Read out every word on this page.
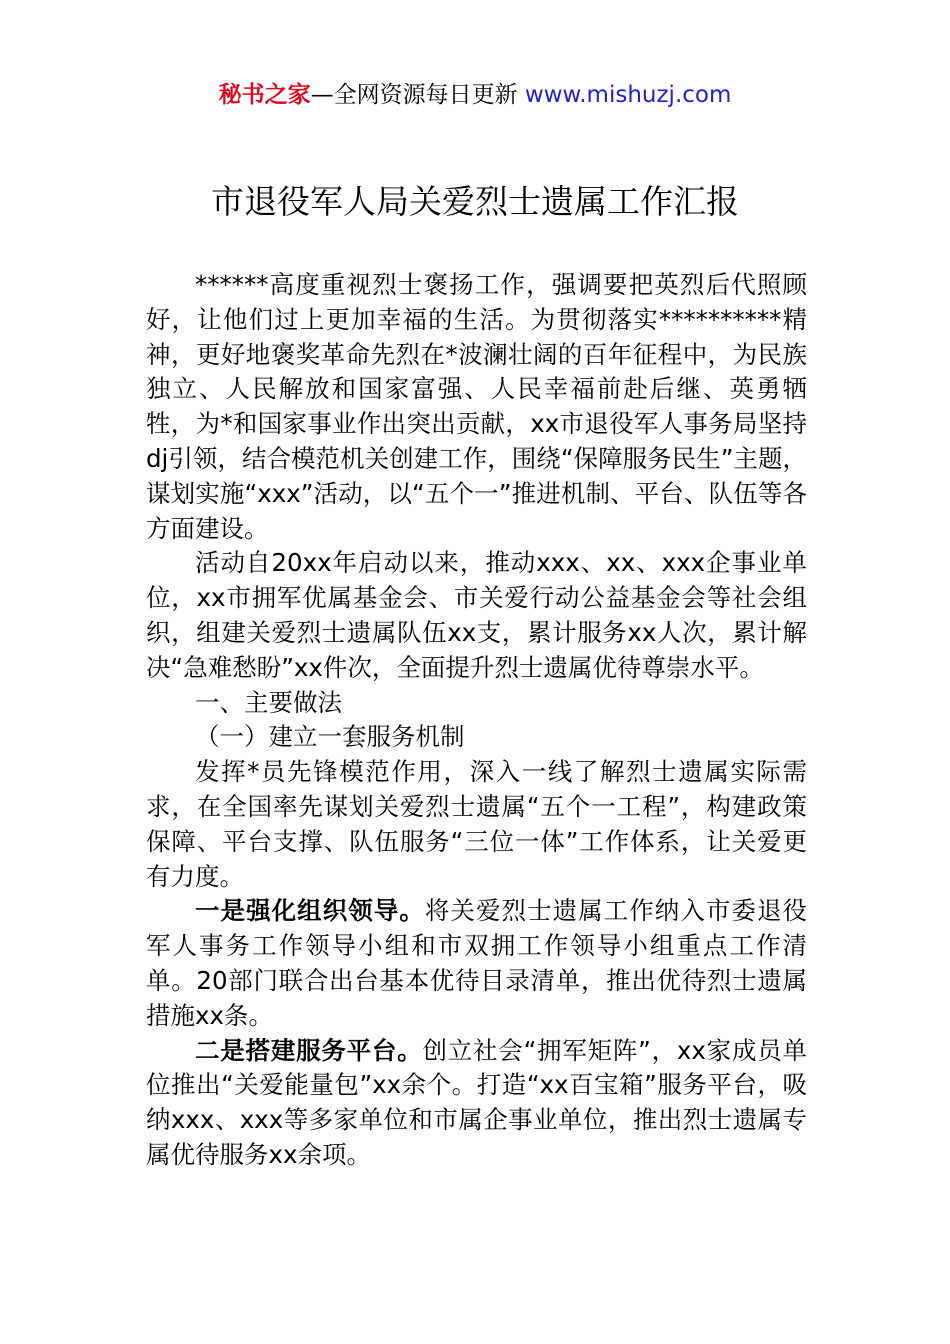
秘书之家—全网资源每日更新 www.mishuzj.com
市退役军人局关爱烈士遗属工作汇报

******高度重视烈士褒扬工作，强调要把英烈后代照顾好，让他们过上更加幸福的生活。为贯彻落实**********精神，更好地褒奖革命先烈在*波澜壮阔的百年征程中，为民族独立、人民解放和国家富强、人民幸福前赴后继、英勇牺牲，为*和国家事业作出突出贡献，xx市退役军人事务局坚持dj引领，结合模范机关创建工作，围绕“保障服务民生”主题，谋划实施“xxx”活动，以“五个一”推进机制、平台、队伍等各方面建设。

活动自20xx年启动以来，推动xxx、xx、xxx企事业单位，xx市拥军优属基金会、市关爱行动公益基金会等社会组织，组建关爱烈士遗属队伍xx支，累计服务xx人次，累计解决“急难愁盼”xx件次，全面提升烈士遗属优待尊崇水平。

一、主要做法

（一）建立一套服务机制

发挥*员先锋模范作用，深入一线了解烈士遗属实际需求，在全国率先谋划关爱烈士遗属“五个一工程”，构建政策保障、平台支撑、队伍服务“三位一体”工作体系，让关爱更有力度。

一是强化组织领导。将关爱烈士遗属工作纳入市委退役军人事务工作领导小组和市双拥工作领导小组重点工作清单。20部门联合出台基本优待目录清单，推出优待烈士遗属措施xx条。

二是搭建服务平台。创立社会“拥军矩阵”，xx家成员单位推出“关爱能量包”xx余个。打造“xx百宝箱”服务平台，吸纳xxx、xxx等多家单位和市属企事业单位，推出烈士遗属专属优待服务xx余项。
